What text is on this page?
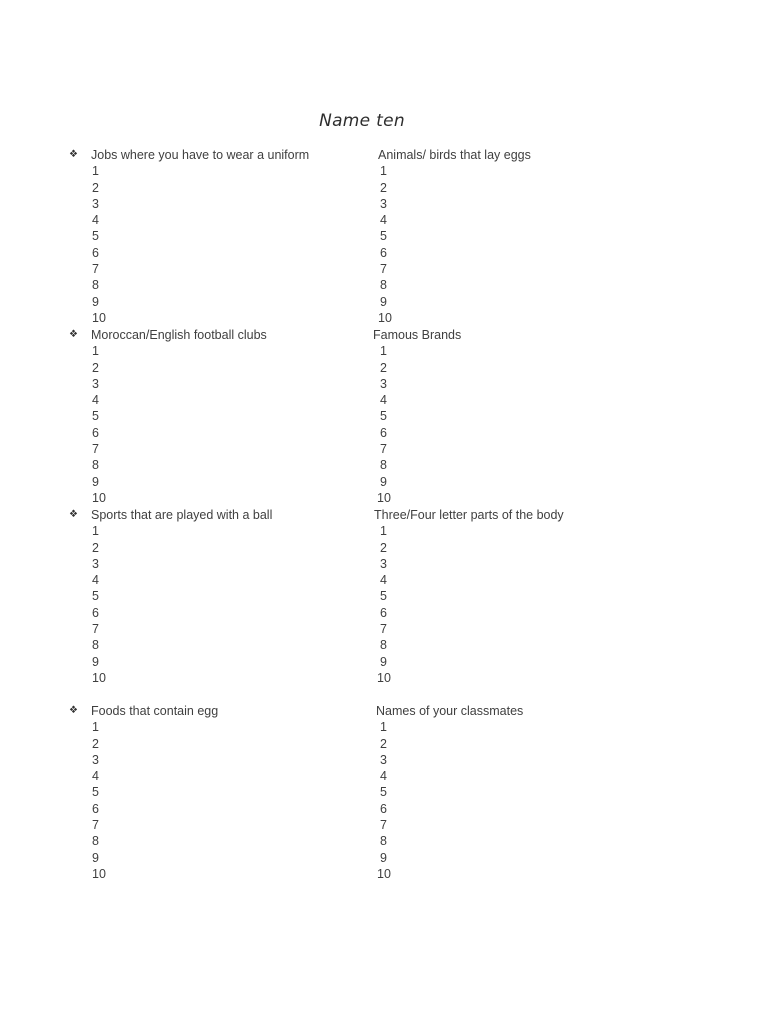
Name ten
❖ Jobs where you have to wear a uniform
1
2
3
4
5
6
7
8
9
10
Animals/ birds that lay eggs
1
2
3
4
5
6
7
8
9
10
❖ Moroccan/English football clubs
1
2
3
4
5
6
7
8
9
10
Famous Brands
1
2
3
4
5
6
7
8
9
10
❖ Sports that are played with a ball
1
2
3
4
5
6
7
8
9
10
Three/Four letter parts of the body
1
2
3
4
5
6
7
8
9
10
❖ Foods that contain egg
1
2
3
4
5
6
7
8
9
10
Names of your classmates
1
2
3
4
5
6
7
8
9
10
